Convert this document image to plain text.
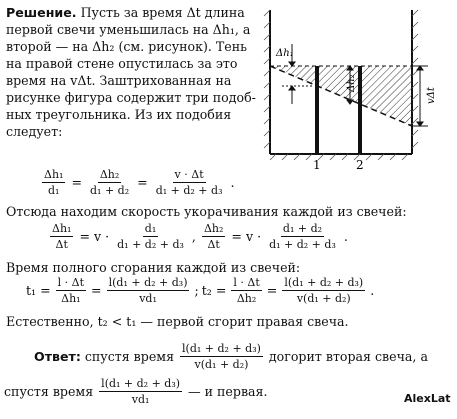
Решение. Пусть за время Δt длина
первой свечи уменьшилась на Δh₁, а
второй — на Δh₂ (см. рисунок). Тень
на правой стене опустилась за это
время на vΔt. Заштрихованная на
рисунке фигура содержит три подоб-
ных треугольника. Из их подобия
следует:
Δh₁
Δh₂
vΔt
1	2
$\frac{\text{Δh₁}}{\text{d₁}} = \frac{\text{Δh₂}}{\text{d₁ + d₂}} = \frac{v \cdot \Delta t}{\text{d₁ + d₂ + d₃}}$ .
Отсюда находим скорость укорачивания каждой из свечей:
$\frac{\text{Δh₁}}{\Delta t} = v \cdot \frac{\text{d₁}}{\text{d₁ + d₂ + d₃}}$ , $\frac{\text{Δh₂}}{\Delta t} = v \cdot \frac{\text{d₁ + d₂}}{\text{d₁ + d₂ + d₃}}$ .
Время полного сгорания каждой из свечей:
$t_1 = \frac{l \cdot \Delta t}{\text{Δh₁}} = \frac{\text{l(d₁ + d₂ + d₃)}}{\text{vd₁}}$ ; $t_2 = \frac{l \cdot \Delta t}{\text{Δh₂}} = \frac{\text{l(d₁ + d₂ + d₃)}}{\text{v(d₁ + d₂)}}$ .
Естественно, t₂ < t₁ — первой сгорит правая свеча.
Ответ: спустя время $\frac{\text{l(d₁ + d₂ + d₃)}}{\text{v(d₁ + d₂)}}$ догорит вторая свеча, а
спустя время $\frac{\text{l(d₁ + d₂ + d₃)}}{\text{vd₁}}$ — и первая.	AlexLat
